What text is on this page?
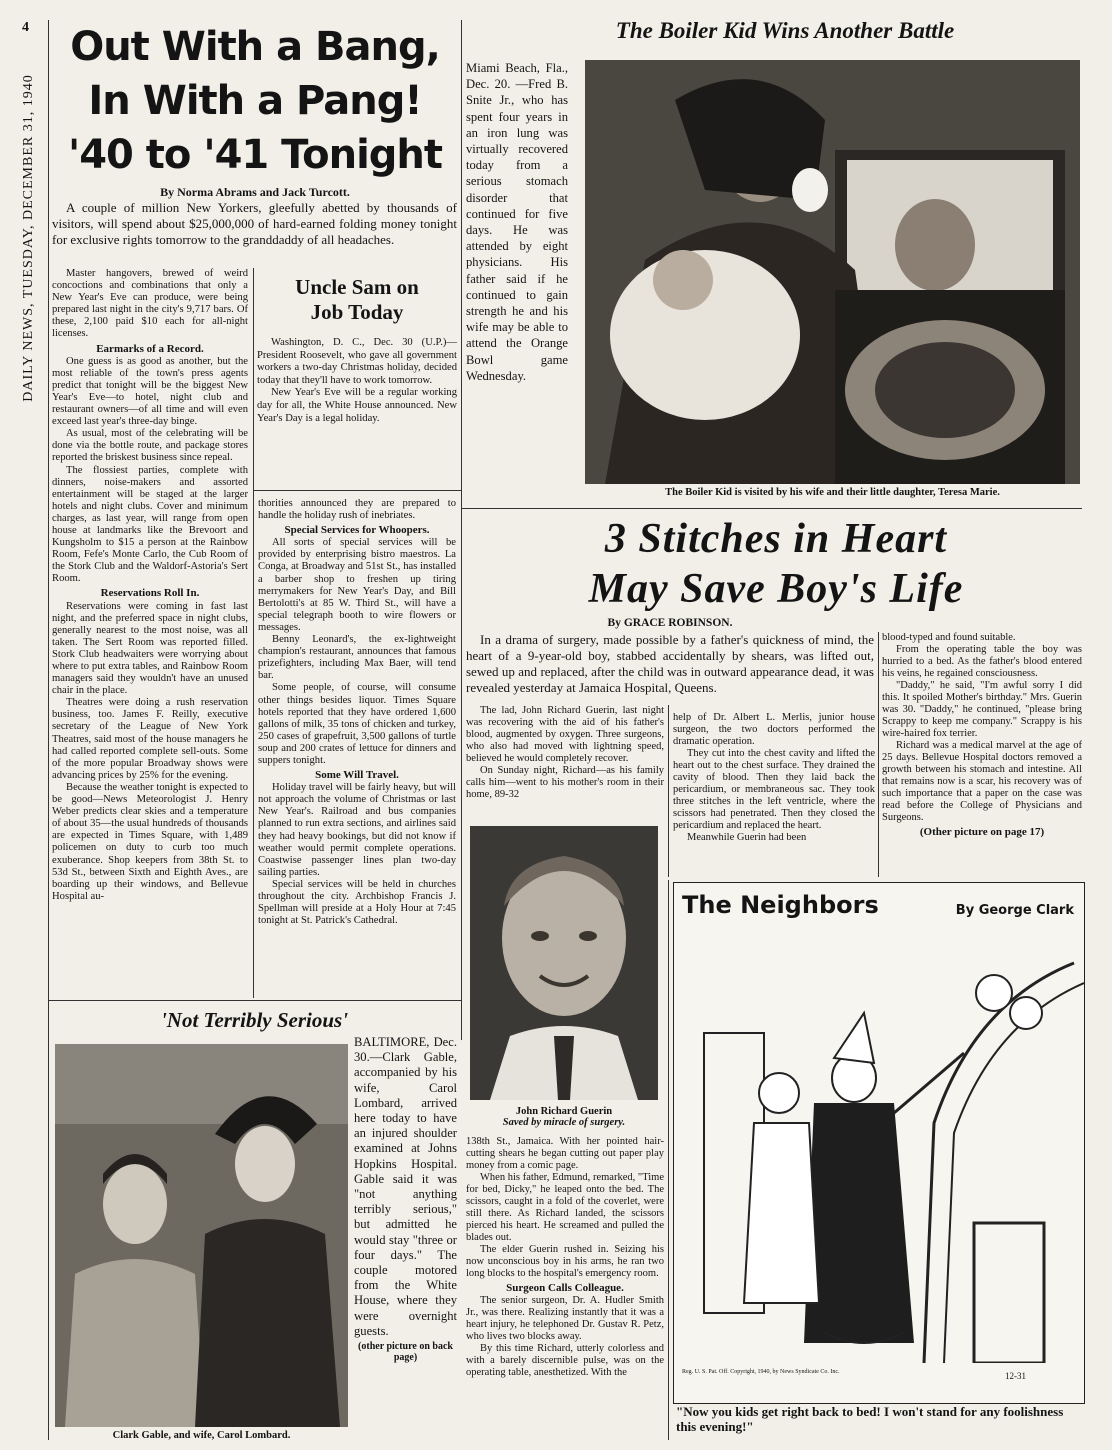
4
DAILY NEWS, TUESDAY, DECEMBER 31, 1940
Out With a Bang,
In With a Pang!
'40 to '41 Tonight
By Norma Abrams and Jack Turcott.

A couple of million New Yorkers, gleefully abetted by thousands of visitors, will spend about $25,000,000 of hard-earned folding money tonight for exclusive rights tomorrow to the granddaddy of all headaches.

Master hangovers, brewed of weird concoctions and combinations that only a New Year's Eve can produce, were being prepared last night in the city's 9,717 bars. Of these, 2,100 paid $10 each for all-night licenses.

Earmarks of a Record.

One guess is as good as another, but the most reliable of the town's press agents predict that tonight will be the biggest New Year's Eve—to hotel, night club and restaurant owners—of all time and will even exceed last year's three-day binge.

As usual, most of the celebrating will be done via the bottle route, and package stores reported the briskest business since repeal.

The flossiest parties, complete with dinners, noise-makers and assorted entertainment will be staged at the larger hotels and night clubs. Cover and minimum charges, as last year, will range from open house at landmarks like the Brevoort and Kungsholm to $15 a person at the Rainbow Room, Fefe's Monte Carlo, the Cub Room of the Stork Club and the Waldorf-Astoria's Sert Room.

Reservations Roll In.

Reservations were coming in fast last night, and the preferred space in night clubs, generally nearest to the most noise, was all taken. The Sert Room was reported filled. Stork Club headwaiters were worrying about where to put extra tables, and Rainbow Room managers said they wouldn't have an unused chair in the place.

Theatres were doing a rush reservation business, too. James F. Reilly, executive secretary of the League of New York Theatres, said most of the house managers he had called reported complete sell-outs. Some of the more popular Broadway shows were advancing prices by 25% for the evening.

Because the weather tonight is expected to be good—News Meteorologist J. Henry Weber predicts clear skies and a temperature of about 35—the usual hundreds of thousands are expected in Times Square, with 1,489 policemen on duty to curb too much exuberance. Shop keepers from 38th St. to 53d St., between Sixth and Eighth Aves., are boarding up their windows, and Bellevue Hospital au-

Uncle Sam on
Job Today

Washington, D. C., Dec. 30 (U.P.)—President Roosevelt, who gave all government workers a two-day Christmas holiday, decided today that they'll have to work tomorrow.

New Year's Eve will be a regular working day for all, the White House announced. New Year's Day is a legal holiday.

thorities announced they are prepared to handle the holiday rush of inebriates.

Special Services for Whoopers.

All sorts of special services will be provided by enterprising bistro maestros. La Conga, at Broadway and 51st St., has installed a barber shop to freshen up tiring merrymakers for New Year's Day, and Bill Bertolotti's at 85 W. Third St., will have a special telegraph booth to wire flowers or messages.

Benny Leonard's, the ex-lightweight champion's restaurant, announces that famous prizefighters, including Max Baer, will tend bar.

Some people, of course, will consume other things besides liquor. Times Square hotels reported that they have ordered 1,600 gallons of milk, 35 tons of chicken and turkey, 250 cases of grapefruit, 3,500 gallons of turtle soup and 200 crates of lettuce for dinners and suppers tonight.

Some Will Travel.

Holiday travel will be fairly heavy, but will not approach the volume of Christmas or last New Year's. Railroad and bus companies planned to run extra sections, and airlines said they had heavy bookings, but did not know if weather would permit complete operations. Coastwise passenger lines plan two-day sailing parties.

Special services will be held in churches throughout the city. Archbishop Francis J. Spellman will preside at a Holy Hour at 7:45 tonight at St. Patrick's Cathedral.

The Boiler Kid Wins Another Battle

Miami Beach, Fla., Dec. 20. —Fred B. Snite Jr., who has spent four years in an iron lung was virtually recovered today from a serious stomach disorder that continued for five days. He was attended by eight physicians. His father said if he continued to gain strength he and his wife may be able to attend the Orange Bowl game Wednesday.

The Boiler Kid is visited by his wife and their little daughter, Teresa Marie.
3 Stitches in Heart
May Save Boy's Life
By GRACE ROBINSON.

In a drama of surgery, made possible by a father's quickness of mind, the heart of a 9-year-old boy, stabbed accidentally by shears, was lifted out, sewed up and replaced, after the child was in outward appearance dead, it was revealed yesterday at Jamaica Hospital, Queens.

The lad, John Richard Guerin, last night was recovering with the aid of his father's blood, augmented by oxygen. Three surgeons, who also had moved with lightning speed, believed he would completely recover.

On Sunday night, Richard—as his family calls him—went to his mother's room in their home, 89-32

help of Dr. Albert L. Merlis, junior house surgeon, the two doctors performed the dramatic operation.

They cut into the chest cavity and lifted the heart out to the chest surface. They drained the cavity of blood. Then they laid back the pericardium, or membraneous sac. They took three stitches in the left ventricle, where the scissors had penetrated. Then they closed the pericardium and replaced the heart.

Meanwhile Guerin had been

blood-typed and found suitable.

From the operating table the boy was hurried to a bed. As the father's blood entered his veins, he regained consciousness.

"Daddy," he said, "I'm awful sorry I did this. It spoiled Mother's birthday." Mrs. Guerin was 30. "Daddy," he continued, "please bring Scrappy to keep me company." Scrappy is his wire-haired fox terrier.

Richard was a medical marvel at the age of 25 days. Bellevue Hospital doctors removed a growth between his stomach and intestine. All that remains now is a scar, his recovery was of such importance that a paper on the case was read before the College of Physicians and Surgeons.

(Other picture on page 17)
John Richard Guerin
Saved by miracle of surgery.

138th St., Jamaica. With her pointed hair-cutting shears he began cutting out paper play money from a comic page.

When his father, Edmund, remarked, "Time for bed, Dicky," he leaped onto the bed. The scissors, caught in a fold of the coverlet, were still there. As Richard landed, the scissors pierced his heart. He screamed and pulled the blades out.

The elder Guerin rushed in. Seizing his now unconscious boy in his arms, he ran two long blocks to the hospital's emergency room.

Surgeon Calls Colleague.

The senior surgeon, Dr. A. Hudler Smith Jr., was there. Realizing instantly that it was a heart injury, he telephoned Dr. Gustav R. Petz, who lives two blocks away.

By this time Richard, utterly colorless and with a barely discernible pulse, was on the operating table, anesthetized. With the

The Neighbors	By George Clark
Reg. U. S. Pat. Off. Copyright, 1940, by News Syndicate Co. Inc.	12-31
"Now you kids get right back to bed! I won't stand for any foolishness this evening!"
'Not Terribly Serious'
Clark Gable, and wife, Carol Lombard.

BALTIMORE, Dec. 30.—Clark Gable, accompanied by his wife, Carol Lombard, arrived here today to have an injured shoulder examined at Johns Hopkins Hospital. Gable said it was "not anything terribly serious," but admitted he would stay "three or four days." The couple motored from the White House, where they were overnight guests.

(other picture on back page)
